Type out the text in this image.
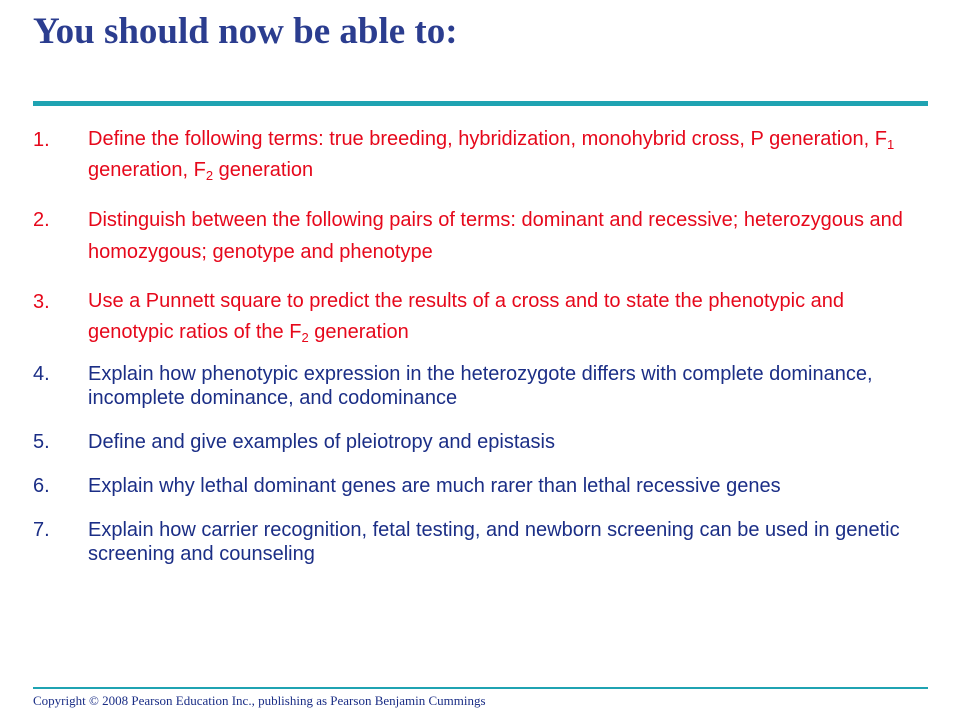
You should now be able to:
1.	Define the following terms: true breeding, hybridization, monohybrid cross, P generation, $F_1$ generation, $F_2$ generation
2.	Distinguish between the following pairs of terms: dominant and recessive; heterozygous and homozygous; genotype and phenotype
3.	Use a Punnett square to predict the results of a cross and to state the phenotypic and genotypic ratios of the $F_2$ generation
4.	Explain how phenotypic expression in the heterozygote differs with complete dominance, incomplete dominance, and codominance
5.	Define and give examples of pleiotropy and epistasis
6.	Explain why lethal dominant genes are much rarer than lethal recessive genes
7.	Explain how carrier recognition, fetal testing, and newborn screening can be used in genetic screening and counseling
Copyright © 2008 Pearson Education Inc., publishing as Pearson Benjamin Cummings
